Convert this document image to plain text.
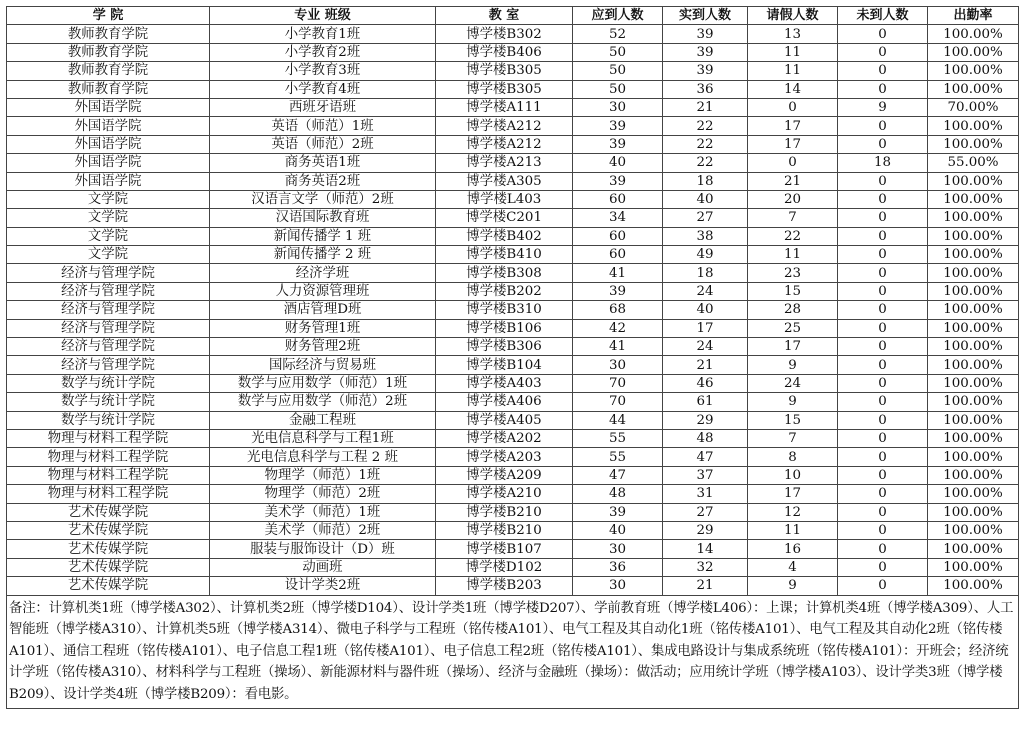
学 院	专业 班级	教 室	应到人数	实到人数	请假人数	未到人数	出勤率
教师教育学院	小学教育1班	博学楼B302	52	39	13	0	100.00%
教师教育学院	小学教育2班	博学楼B406	50	39	11	0	100.00%
教师教育学院	小学教育3班	博学楼B305	50	39	11	0	100.00%
教师教育学院	小学教育4班	博学楼B305	50	36	14	0	100.00%
外国语学院	西班牙语班	博学楼A111	30	21	0	9	70.00%
外国语学院	英语（师范）1班	博学楼A212	39	22	17	0	100.00%
外国语学院	英语（师范）2班	博学楼A212	39	22	17	0	100.00%
外国语学院	商务英语1班	博学楼A213	40	22	0	18	55.00%
外国语学院	商务英语2班	博学楼A305	39	18	21	0	100.00%
文学院	汉语言文学（师范）2班	博学楼L403	60	40	20	0	100.00%
文学院	汉语国际教育班	博学楼C201	34	27	7	0	100.00%
文学院	新闻传播学 1 班	博学楼B402	60	38	22	0	100.00%
文学院	新闻传播学 2 班	博学楼B410	60	49	11	0	100.00%
经济与管理学院	经济学班	博学楼B308	41	18	23	0	100.00%
经济与管理学院	人力资源管理班	博学楼B202	39	24	15	0	100.00%
经济与管理学院	酒店管理D班	博学楼B310	68	40	28	0	100.00%
经济与管理学院	财务管理1班	博学楼B106	42	17	25	0	100.00%
经济与管理学院	财务管理2班	博学楼B306	41	24	17	0	100.00%
经济与管理学院	国际经济与贸易班	博学楼B104	30	21	9	0	100.00%
数学与统计学院	数学与应用数学（师范）1班	博学楼A403	70	46	24	0	100.00%
数学与统计学院	数学与应用数学（师范）2班	博学楼A406	70	61	9	0	100.00%
数学与统计学院	金融工程班	博学楼A405	44	29	15	0	100.00%
物理与材料工程学院	光电信息科学与工程1班	博学楼A202	55	48	7	0	100.00%
物理与材料工程学院	光电信息科学与工程 2 班	博学楼A203	55	47	8	0	100.00%
物理与材料工程学院	物理学（师范）1班	博学楼A209	47	37	10	0	100.00%
物理与材料工程学院	物理学（师范）2班	博学楼A210	48	31	17	0	100.00%
艺术传媒学院	美术学（师范）1班	博学楼B210	39	27	12	0	100.00%
艺术传媒学院	美术学（师范）2班	博学楼B210	40	29	11	0	100.00%
艺术传媒学院	服装与服饰设计（D）班	博学楼B107	30	14	16	0	100.00%
艺术传媒学院	动画班	博学楼D102	36	32	4	0	100.00%
艺术传媒学院	设计学类2班	博学楼B203	30	21	9	0	100.00%
备注：计算机类1班（博学楼A302）、计算机类2班（博学楼D104）、设计学类1班（博学楼D207）、学前教育班（博学楼L406）：上课；计算机类4班（博学楼A309）、人工智能班（博学楼A310）、计算机类5班（博学楼A314）、微电子科学与工程班（铭传楼A101）、电气工程及其自动化1班（铭传楼A101）、电气工程及其自动化2班（铭传楼A101）、通信工程班（铭传楼A101）、电子信息工程1班（铭传楼A101）、电子信息工程2班（铭传楼A101）、集成电路设计与集成系统班（铭传楼A101）：开班会；经济统计学班（铭传楼A310）、材料科学与工程班（操场）、新能源材料与器件班（操场）、经济与金融班（操场）：做活动；应用统计学班（博学楼A103）、设计学类3班（博学楼B209）、设计学类4班（博学楼B209）：看电影。							
